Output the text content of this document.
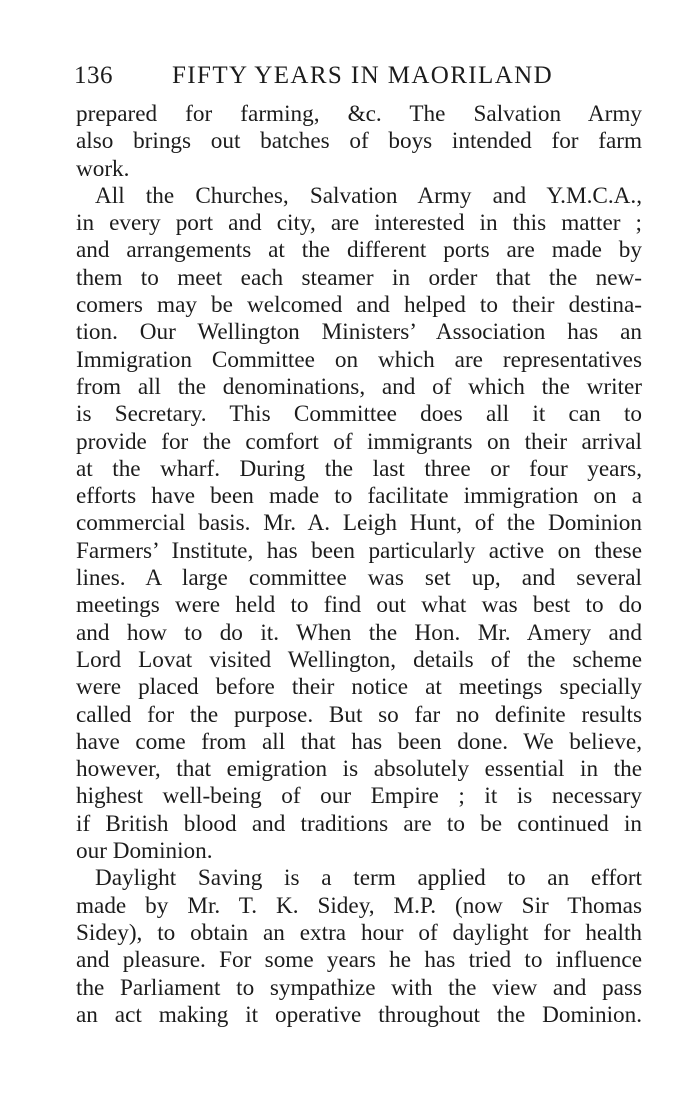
136 FIFTY YEARS IN MAORILAND
prepared for farming, &c. The Salvation Army
also brings out batches of boys intended for farm
work.
All the Churches, Salvation Army and Y.M.C.A.,
in every port and city, are interested in this matter ;
and arrangements at the different ports are made by
them to meet each steamer in order that the new-
comers may be welcomed and helped to their destina-
tion. Our Wellington Ministers’ Association has an
Immigration Committee on which are representatives
from all the denominations, and of which the writer
is Secretary. This Committee does all it can to
provide for the comfort of immigrants on their arrival
at the wharf. During the last three or four years,
efforts have been made to facilitate immigration on a
commercial basis. Mr. A. Leigh Hunt, of the Dominion
Farmers’ Institute, has been particularly active on these
lines. A large committee was set up, and several
meetings were held to find out what was best to do
and how to do it. When the Hon. Mr. Amery and
Lord Lovat visited Wellington, details of the scheme
were placed before their notice at meetings specially
called for the purpose. But so far no definite results
have come from all that has been done. We believe,
however, that emigration is absolutely essential in the
highest well-being of our Empire ; it is necessary
if British blood and traditions are to be continued in
our Dominion.
Daylight Saving is a term applied to an effort
made by Mr. T. K. Sidey, M.P. (now Sir Thomas
Sidey), to obtain an extra hour of daylight for health
and pleasure. For some years he has tried to influence
the Parliament to sympathize with the view and pass
an act making it operative throughout the Dominion.
